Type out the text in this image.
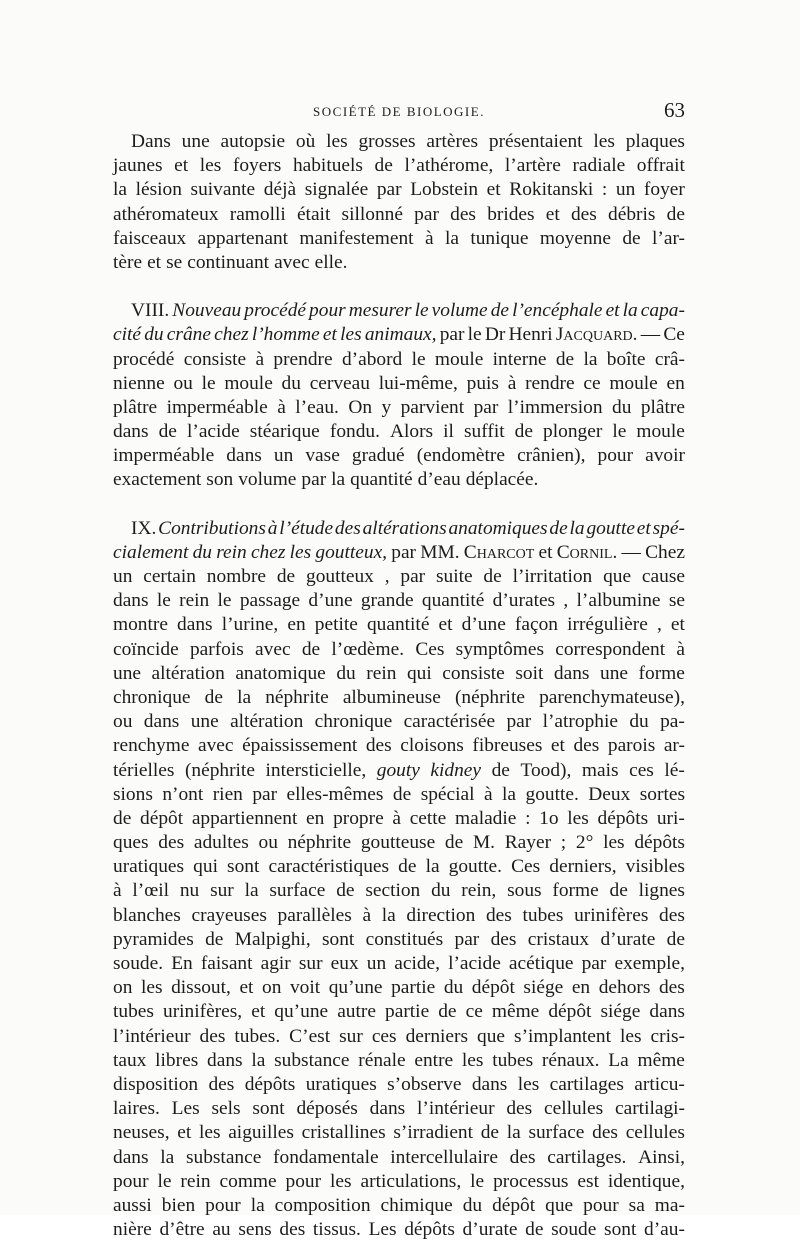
SOCIÉTÉ DE BIOLOGIE.	63
Dans une autopsie où les grosses artères présentaient les plaques
jaunes et les foyers habituels de l’athérome, l’artère radiale offrait
la lésion suivante déjà signalée par Lobstein et Rokitanski : un foyer
athéromateux ramolli était sillonné par des brides et des débris de
faisceaux appartenant manifestement à la tunique moyenne de l’ar-
tère et se continuant avec elle.
VIII. Nouveau procédé pour mesurer le volume de l’encéphale et la capa-
cité du crâne chez l’homme et les animaux, par le Dr Henri Jacquard. — Ce
procédé consiste à prendre d’abord le moule interne de la boîte crâ-
nienne ou le moule du cerveau lui-même, puis à rendre ce moule en
plâtre imperméable à l’eau. On y parvient par l’immersion du plâtre
dans de l’acide stéarique fondu. Alors il suffit de plonger le moule
imperméable dans un vase gradué (endomètre crânien), pour avoir
exactement son volume par la quantité d’eau déplacée.
IX. Contributions à l’étude des altérations anatomiques de la goutte et spé-
cialement du rein chez les goutteux, par MM. Charcot et Cornil. — Chez
un certain nombre de goutteux , par suite de l’irritation que cause
dans le rein le passage d’une grande quantité d’urates , l’albumine se
montre dans l’urine, en petite quantité et d’une façon irrégulière , et
coïncide parfois avec de l’œdème. Ces symptômes correspondent à
une altération anatomique du rein qui consiste soit dans une forme
chronique de la néphrite albumineuse (néphrite parenchymateuse),
ou dans une altération chronique caractérisée par l’atrophie du pa-
renchyme avec épaississement des cloisons fibreuses et des parois ar-
térielles (néphrite intersticielle, gouty kidney de Tood), mais ces lé-
sions n’ont rien par elles-mêmes de spécial à la goutte. Deux sortes
de dépôt appartiennent en propre à cette maladie : 1o les dépôts uri-
ques des adultes ou néphrite goutteuse de M. Rayer ; 2° les dépôts
uratiques qui sont caractéristiques de la goutte. Ces derniers, visibles
à l’œil nu sur la surface de section du rein, sous forme de lignes
blanches crayeuses parallèles à la direction des tubes urinifères des
pyramides de Malpighi, sont constitués par des cristaux d’urate de
soude. En faisant agir sur eux un acide, l’acide acétique par exemple,
on les dissout, et on voit qu’une partie du dépôt siége en dehors des
tubes urinifères, et qu’une autre partie de ce même dépôt siége dans
l’intérieur des tubes. C’est sur ces derniers que s’implantent les cris-
taux libres dans la substance rénale entre les tubes rénaux. La même
disposition des dépôts uratiques s’observe dans les cartilages articu-
laires. Les sels sont déposés dans l’intérieur des cellules cartilagi-
neuses, et les aiguilles cristallines s’irradient de la surface des cellules
dans la substance fondamentale intercellulaire des cartilages. Ainsi,
pour le rein comme pour les articulations, le processus est identique,
aussi bien pour la composition chimique du dépôt que pour sa ma-
nière d’être au sens des tissus. Les dépôts d’urate de soude sont d’au-
